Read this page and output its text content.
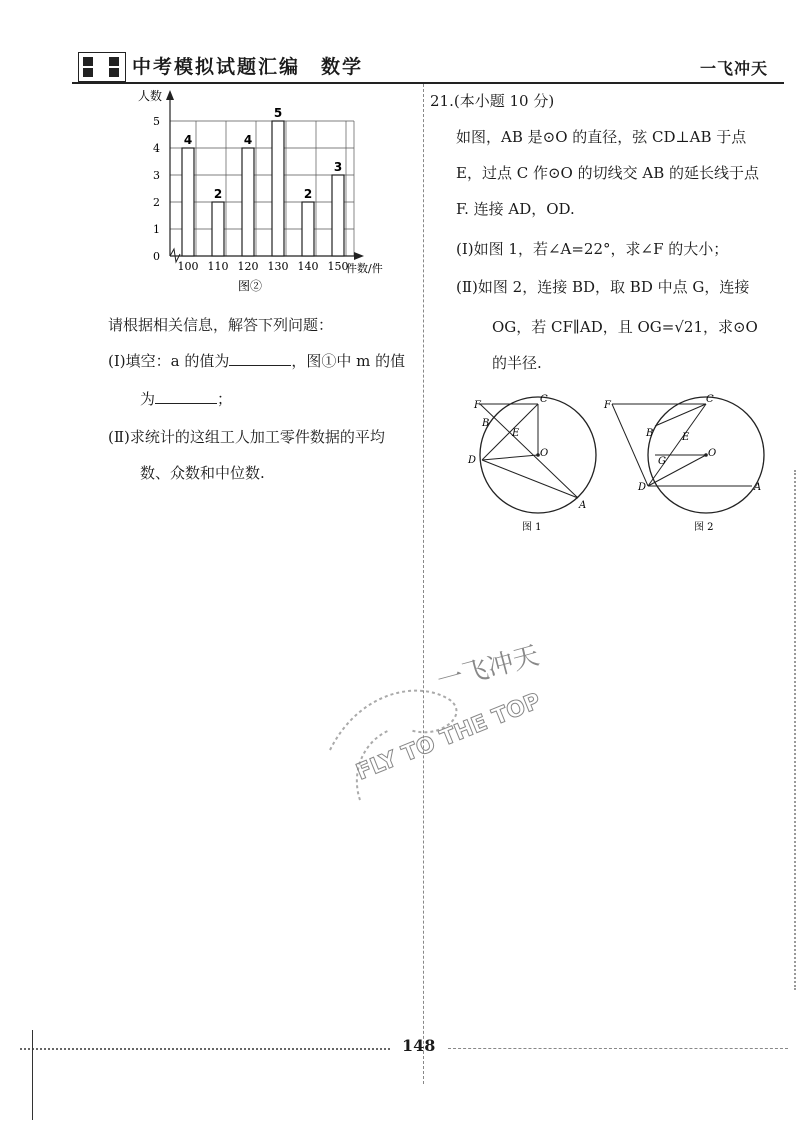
中考模拟试题汇编　数学	一飞冲天
0
1
2
3
4
5
4
100
2
110
4
120
5
130
2
140
3
150
人数
件数/件
图②
请根据相关信息，解答下列问题：
(Ⅰ)填空：a 的值为	，图①中 m 的值
为	；
(Ⅱ)求统计的这组工人加工零件数据的平均
数、众数和中位数.
21.(本小题 10 分)
如图，AB 是⊙O 的直径，弦 CD⊥AB 于点
E，过点 C 作⊙O 的切线交 AB 的延长线于点
F. 连接 AD，OD.
(Ⅰ)如图 1，若∠A=22°，求∠F 的大小；
(Ⅱ)如图 2，连接 BD，取 BD 中点 G，连接
OG，若 CF∥AD，且 OG=√21，求⊙O
的半径.
F
C
B
E
O
D
A
图 1
F
C
B	E
O
G
D	A
图 2
一飞冲天
FLY TO THE TOP
148
